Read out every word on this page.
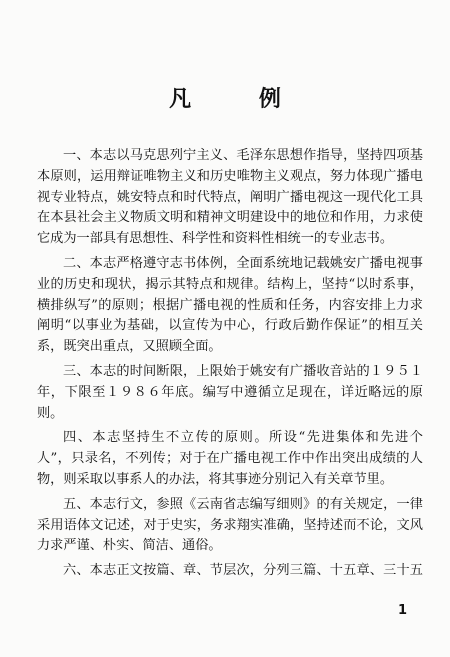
凡 例
一、本志以马克思列宁主义、毛泽东思想作指导，坚持四项基
本原则，运用辩证唯物主义和历史唯物主义观点，努力体现广播电
视专业特点，姚安特点和时代特点，阐明广播电视这一现代化工具
在本县社会主义物质文明和精神文明建设中的地位和作用，力求使
它成为一部具有思想性、科学性和资料性相统一的专业志书。
二、本志严格遵守志书体例，全面系统地记载姚安广播电视事
业的历史和现状，揭示其特点和规律。结构上，坚持“以时系事，
横排纵写”的原则；根据广播电视的性质和任务，内容安排上力求
阐明“以事业为基础，以宣传为中心，行政后勤作保证”的相互关
系，既突出重点，又照顾全面。
三、本志的时间断限，上限始于姚安有广播收音站的１９５１
年，下限至１９８６年底。编写中遵循立足现在，详近略远的原
则。
四、本志坚持生不立传的原则。所设“先进集体和先进个
人”，只录名，不列传；对于在广播电视工作中作出突出成绩的人
物，则采取以事系人的办法，将其事迹分别记入有关章节里。
五、本志行文，参照《云南省志编写细则》的有关规定，一律
采用语体文记述，对于史实，务求翔实准确，坚持述而不论，文风
力求严谨、朴实、简洁、通俗。
六、本志正文按篇、章、节层次，分列三篇、十五章、三十五
1
